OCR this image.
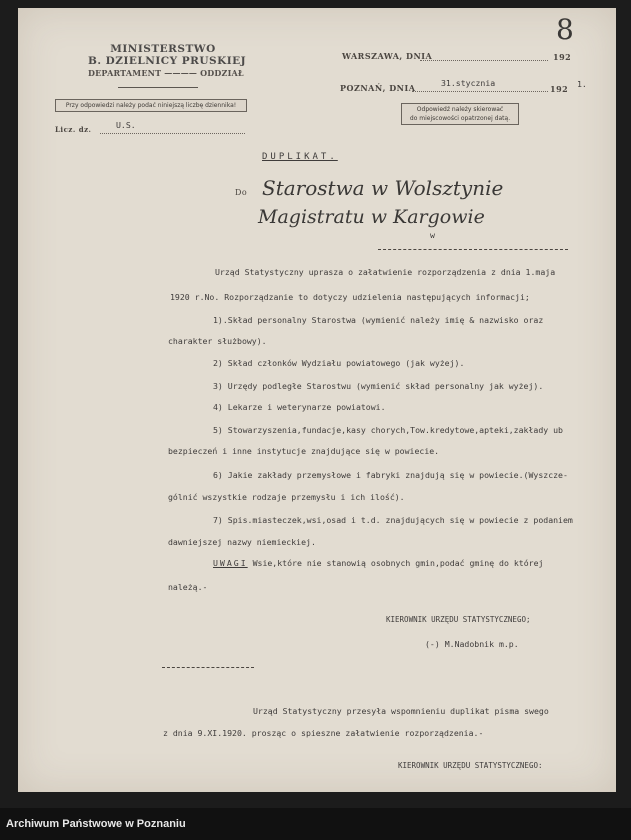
MINISTERSTWO
B. DZIELNICY PRUSKIEJ
DEPARTAMENT ———— ODDZIAŁ
Przy odpowiedzi należy podać niniejszą liczbę dziennika!
Licz. dz.	U.S.
WARSZAWA, DNIA	192
POZNAŃ, DNIA	31.stycznia
192 1.
Odpowiedź należy skierować
do miejscowości opatrzonej datą.
8
DUPLIKAT.
Do Starostwa w Wolsztynie
Magistratu w Kargowie
w
Urząd Statystyczny uprasza o załatwienie rozporządzenia z dnia 1.maja
1920 r.No. Rozporządzanie to dotyczy udzielenia następujących informacji;
1).Skład personalny Starostwa (wymienić należy imię & nazwisko oraz
charakter służbowy).
2) Skład członków Wydziału powiatowego (jak wyżej).
3) Urzędy podległe Starostwu (wymienić skład personalny jak wyżej).
4) Lekarze i weterynarze powiatowi.
5) Stowarzyszenia,fundacje,kasy chorych,Tow.kredytowe,apteki,zakłady ub
bezpieczeń i inne instytucje znajdujące się w powiecie.
6) Jakie zakłady przemysłowe i fabryki znajdują się w powiecie.(Wyszcze-
gólnić wszystkie rodzaje przemysłu i ich ilość).
7) Spis.miasteczek,wsi,osad i t.d. znajdujących się w powiecie z podaniem
dawniejszej nazwy niemieckiej.
UWAGI Wsie,które nie stanowią osobnych gmin,podać gminę do której
należą.-
KIEROWNIK URZĘDU STATYSTYCZNEGO;
(-) M.Nadobnik m.p.
Urząd Statystyczny przesyła wspomnieniu duplikat pisma swego
z dnia 9.XI.1920. prosząc o spieszne załatwienie rozporządzenia.-
KIEROWNIK URZĘDU STATYSTYCZNEGO:
Archiwum Państwowe w Poznaniu
